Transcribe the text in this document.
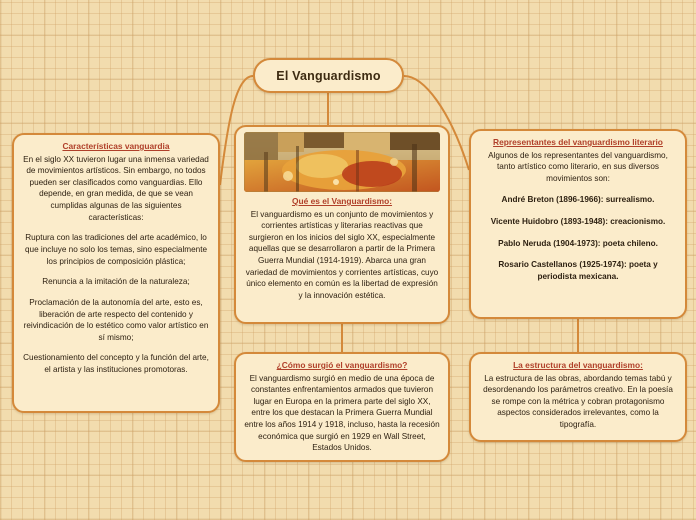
El Vanguardismo
Características vanguardia

En el siglo XX tuvieron lugar una inmensa variedad de movimientos artísticos. Sin embargo, no todos pueden ser clasificados como vanguardias. Ello depende, en gran medida, de que se vean cumplidas algunas de las siguientes características:

Ruptura con las tradiciones del arte académico, lo que incluye no solo los temas, sino especialmente los principios de composición plástica;

Renuncia a la imitación de la naturaleza;

Proclamación de la autonomía del arte, esto es, liberación de arte respecto del contenido y reivindicación de lo estético como valor artístico en sí mismo;

Cuestionamiento del concepto y la función del arte, el artista y las instituciones promotoras.

Qué es el Vanguardismo:

El vanguardismo es un conjunto de movimientos y corrientes artísticas y literarias reactivas que surgieron en los inicios del siglo XX, especialmente aquellas que se desarrollaron a partir de la Primera Guerra Mundial (1914-1919). Abarca una gran variedad de movimientos y corrientes artísticas, cuyo único elemento en común es la libertad de expresión y la innovación estética.

¿Cómo surgió el vanguardismo?

El vanguardismo surgió en medio de una época de constantes enfrentamientos armados que tuvieron lugar en Europa en la primera parte del siglo XX, entre los que destacan la Primera Guerra Mundial entre los años 1914 y 1918, incluso, hasta la recesión económica que surgió en 1929 en Wall Street, Estados Unidos.

Representantes del vanguardismo literario

Algunos de los representantes del vanguardismo, tanto artístico como literario, en sus diversos movimientos son:

André Breton (1896-1966): surrealismo.

Vicente Huidobro (1893-1948): creacionismo.

Pablo Neruda (1904-1973): poeta chileno.

Rosario Castellanos (1925-1974): poeta y periodista mexicana.

La estructura del vanguardismo:

La estructura de las obras, abordando temas tabú y desordenando los parámetros creativo. En la poesía se rompe con la métrica y cobran protagonismo aspectos considerados irrelevantes, como la tipografía.
